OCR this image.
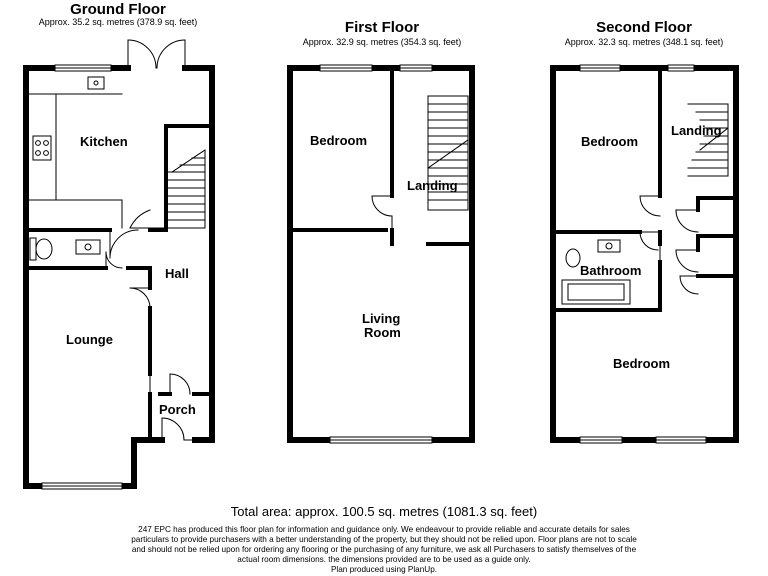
Ground Floor
Approx. 35.2 sq. metres (378.9 sq. feet)	First Floor
Approx. 32.9 sq. metres (354.3 sq. feet)
Second Floor
Approx. 32.3 sq. metres (348.1 sq. feet)
Kitchen
Hall
Lounge
Porch
Bedroom
Landing
Living
Room
Bedroom
Landing
Bathroom
Bedroom
Total area: approx. 100.5 sq. metres (1081.3 sq. feet)
247 EPC has produced this floor plan for information and guidance only. We endeavour to provide reliable and accurate details for sales
particulars to provide purchasers with a better understanding of the property, but they should not be relied upon. Floor plans are not to scale
and should not be relied upon for ordering any flooring or the purchasing of any furniture, we ask all Purchasers to satisfy themselves of the
actual room dimensions. the dimensions provided are to be used as a guide only.
Plan produced using PlanUp.
